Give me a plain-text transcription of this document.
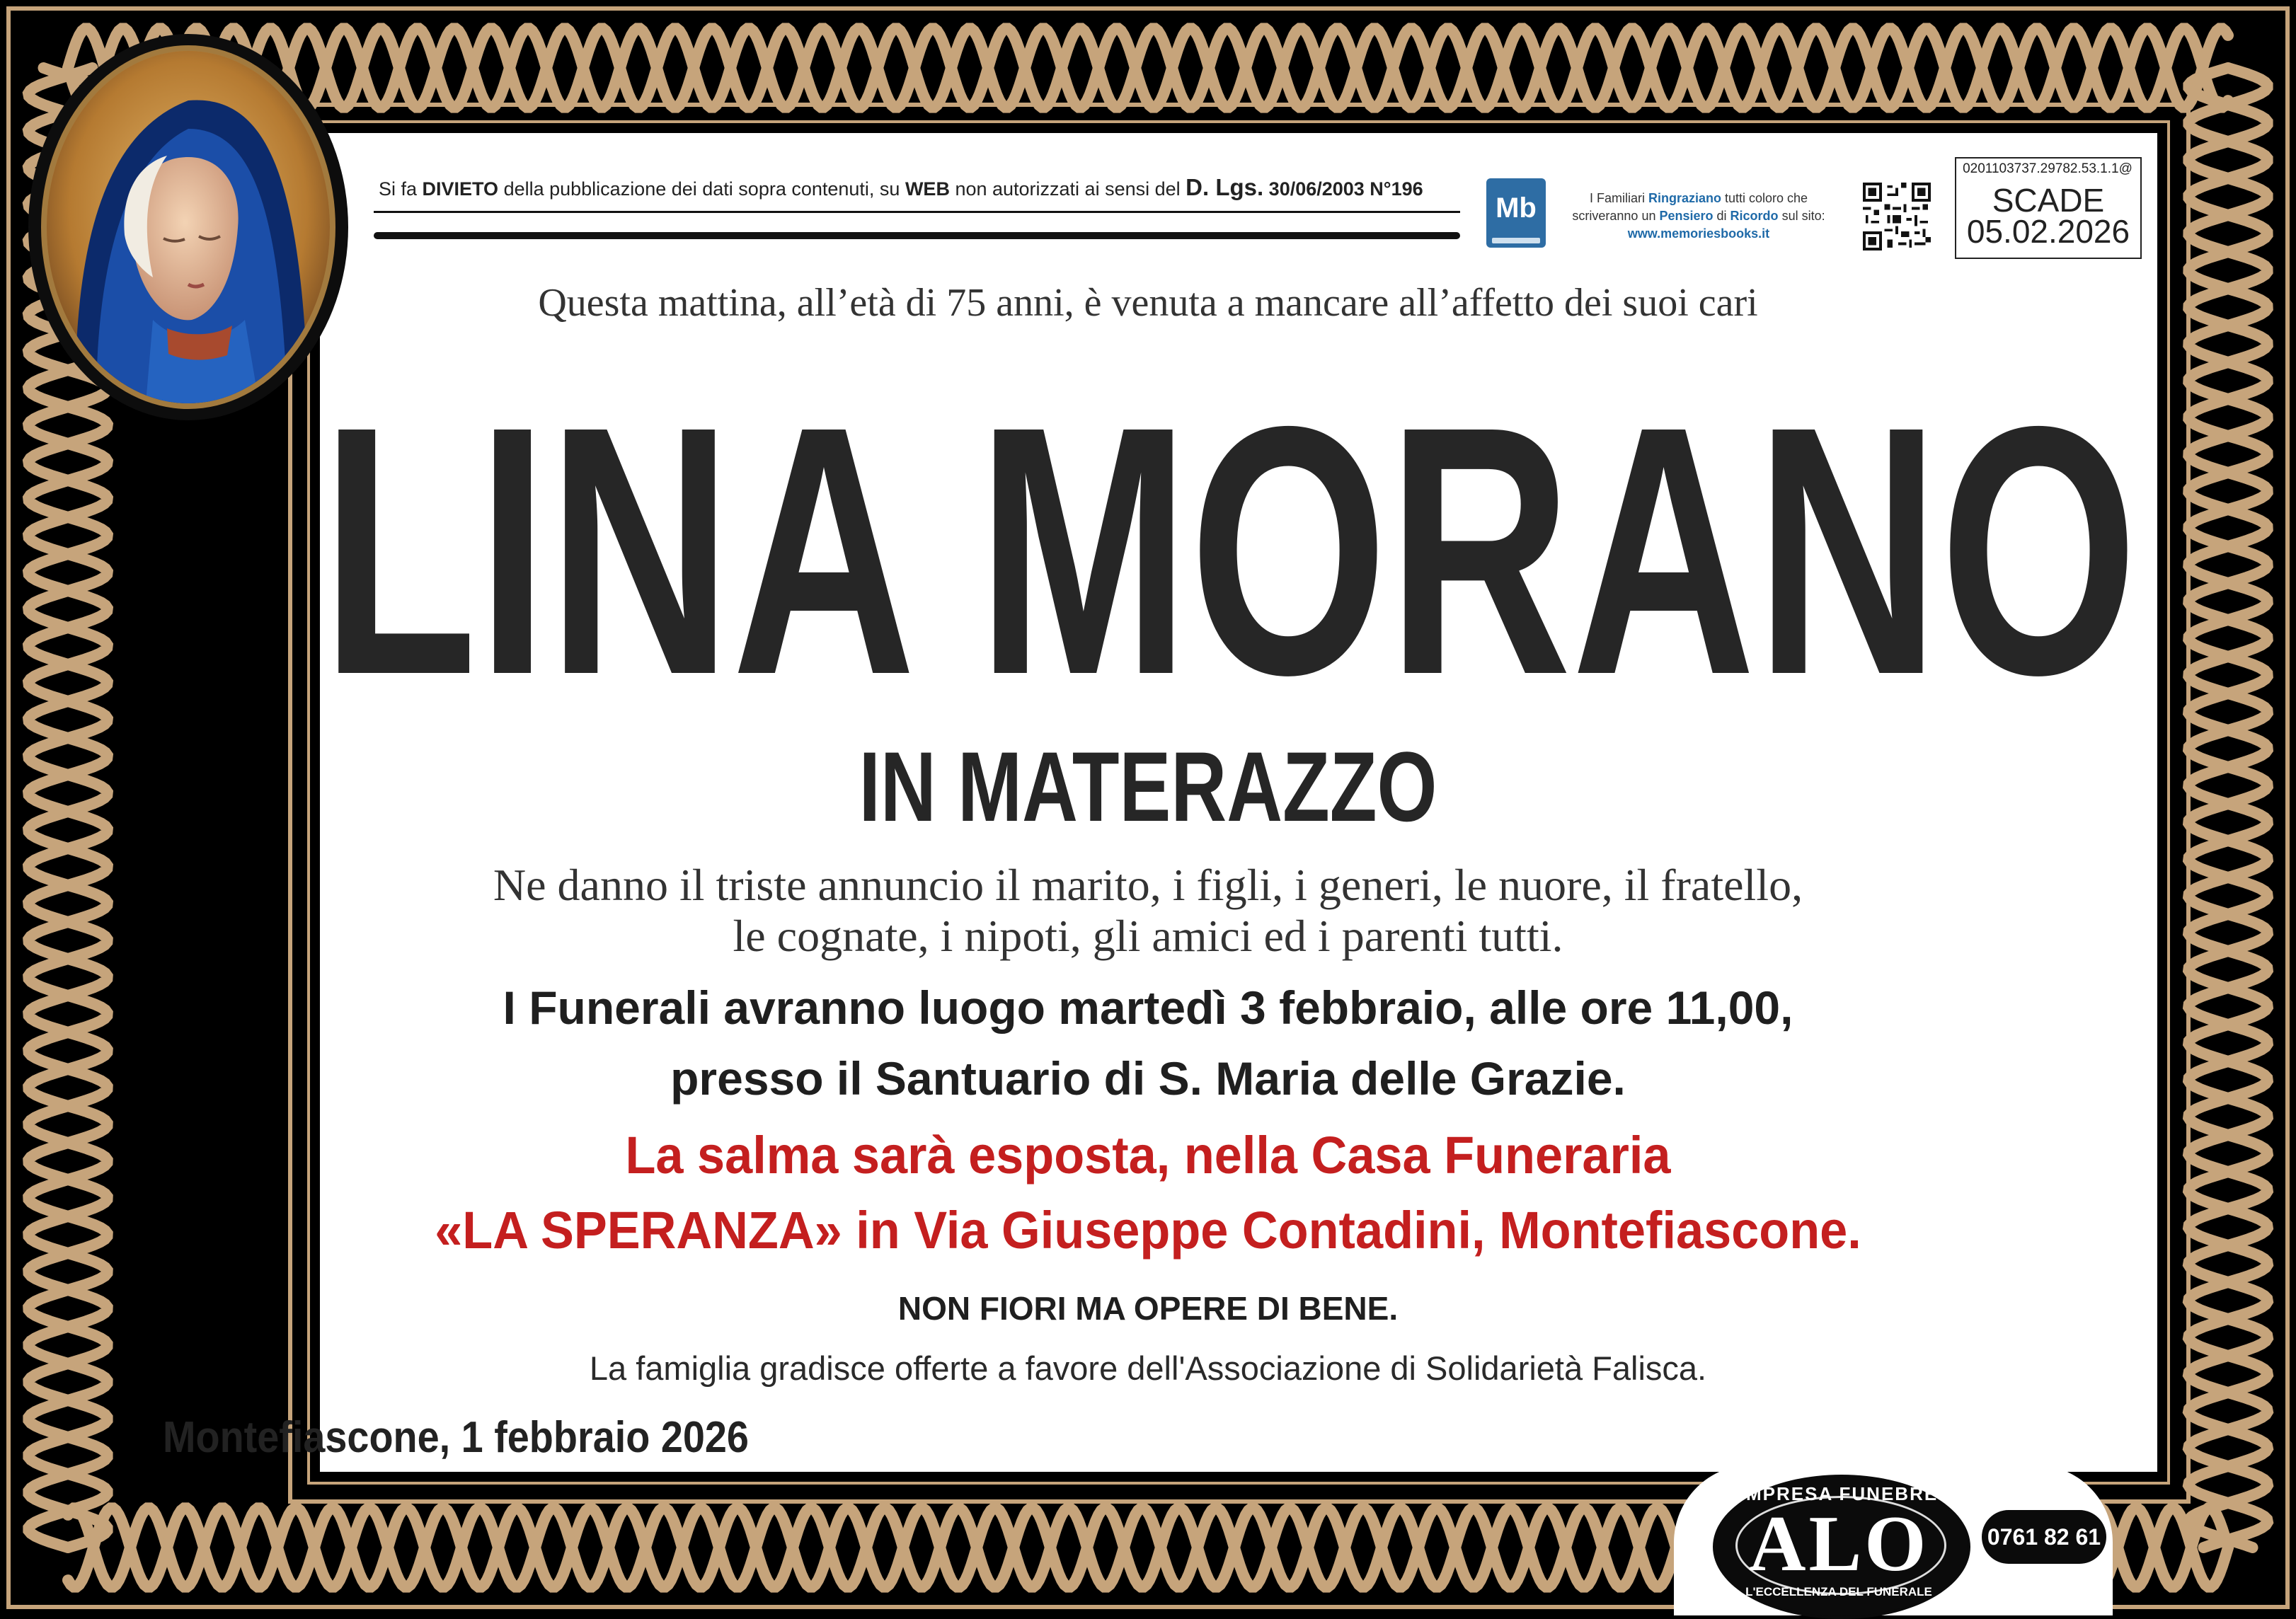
Si fa DIVIETO della pubblicazione dei dati sopra contenuti, su WEB non autorizzati ai sensi del D. Lgs. 30/06/2003 N°196
Mb	I Familiari Ringraziano tutti coloro che
scriveranno un Pensiero di Ricordo sul sito:
www.memoriesbooks.it
0201103737.29782.53.1.1@
SCADE
05.02.2026
Questa mattina, all’età di 75 anni, è venuta a mancare all’affetto dei suoi cari
LINA MORANO
IN MATERAZZO
Ne danno il triste annuncio il marito, i figli, i generi, le nuore, il fratello,
le cognate, i nipoti, gli amici ed i parenti tutti.
I Funerali avranno luogo martedì 3 febbraio, alle ore 11,00,
presso il Santuario di S. Maria delle Grazie.
La salma sarà esposta, nella Casa Funeraria
«LA SPERANZA» in Via Giuseppe Contadini, Montefiascone.
NON FIORI MA OPERE DI BENE.
La famiglia gradisce offerte a favore dell'Associazione di Solidarietà Falisca.
Montefiascone, 1 febbraio 2026
IMPRESA FUNEBRE
ALO
L'ECCELLENZA DEL FUNERALE
0761 82 61 66
